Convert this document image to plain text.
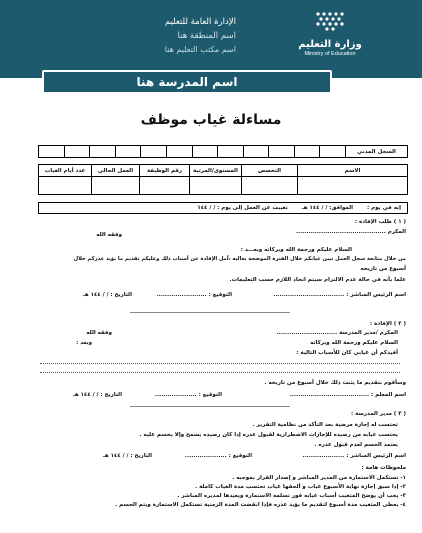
وزارة التعليم
Ministry of Education
الإدارة العامة للتعليم
اسم المنطقة هنا
اسم مكتب التعليم هنا
اسم المدرسة هنا
مساءلة غياب موظف
السجل المدني												
الاسم	التخصص	المستوى/المرتبة	رقم الوظيفة	العمل الحالي	عدد أيام الغياب

إنه في يوم :
الموافق: / / ١٤٤ هـ
تغيبت عن العمل إلى يوم : / / ١٤٤
( ١ ) طلب الإفادة :
المكرم ...........................................
وفقه الله
السلام عليكم ورحمة الله وبركاته وبعـــد :
من خلال متابعة سجل العمل تبين غيابكم خلال الفترة الموضحة بعاليه ،آمل الإفادة عن أسباب ذلك وعليكم تقديم ما يؤيد عذركم خلال
أسبوع من تاريخه
علما بأنه في حالة عدم الالتزام سيتم اتخاذ اللازم حسب التعليمات.
اسم الرئيس المباشر : ..................................
التوقيع : ........................
التاريخ : / / ١٤٤ هـ
( ٢ ) الإفادة :
المكرم /مدير المدرسة .............................
وفقه الله
السلام عليكم ورحمة الله وبركاته
وبعد :
أفيدكم أن غيابي كان للأسباب التالية :
وسأقوم بتقديم ما يثبت ذلك خلال أسبوع من تاريخه .
اسم المعلم : ......................................
التوقيع : ....................
التاريخ : / / ١٤٤ هـ
( ٣ ) مدير المدرسة :
تحتسب له إجازة مرضية بعد التأكد من نظامية التقرير .
يحتسب غيابه من رصيده للإجازات الاضطرارية لقبول عذره إذا كان رصيده يسمح وإلا يحسم عليه .
يعتمد الحسم لعدم قبول عذره .
اسم الرئيس المباشر : ....................
التوقيع : ....................
التاريخ : / / ١٤٤ هـ
ملحوظات هامة :
١- تستكمل الاستمارة من المدير المباشر و إصدار القرار بموجبه .
٢- إذا سبق إجازة نهاية الأسبوع غياب و ألحقها غياب تحتسب مدة الغياب كاملة .
٣- يجب أن يوضح المتغيب أسباب غيابه فور تسلمه الاستمارة ويعيدها لمديره المباشر .
٤- يعطى المتغيب مدة أسبوع لتقديم ما يؤيد عذره فإذا انقضت المدة الزمنية تستكمل الاستمارة ويتم الحسم .
